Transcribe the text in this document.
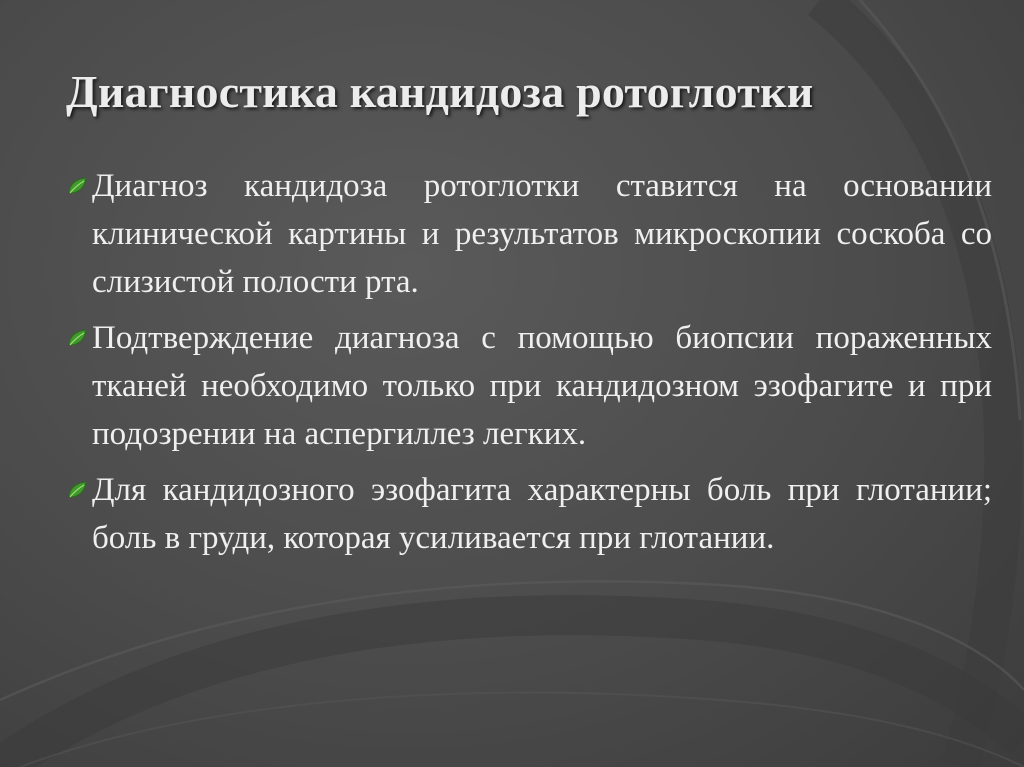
Диагностика кандидоза ротоглотки
Диагноз кандидоза ротоглотки ставится на основании клинической картины и результатов микроскопии соскоба со слизистой полости рта.
Подтверждение диагноза с помощью биопсии пораженных тканей необходимо только при кандидозном эзофагите и при подозрении на аспергиллез легких.
Для кандидозного эзофагита характерны боль при глотании; боль в груди, которая усиливается при глотании.
